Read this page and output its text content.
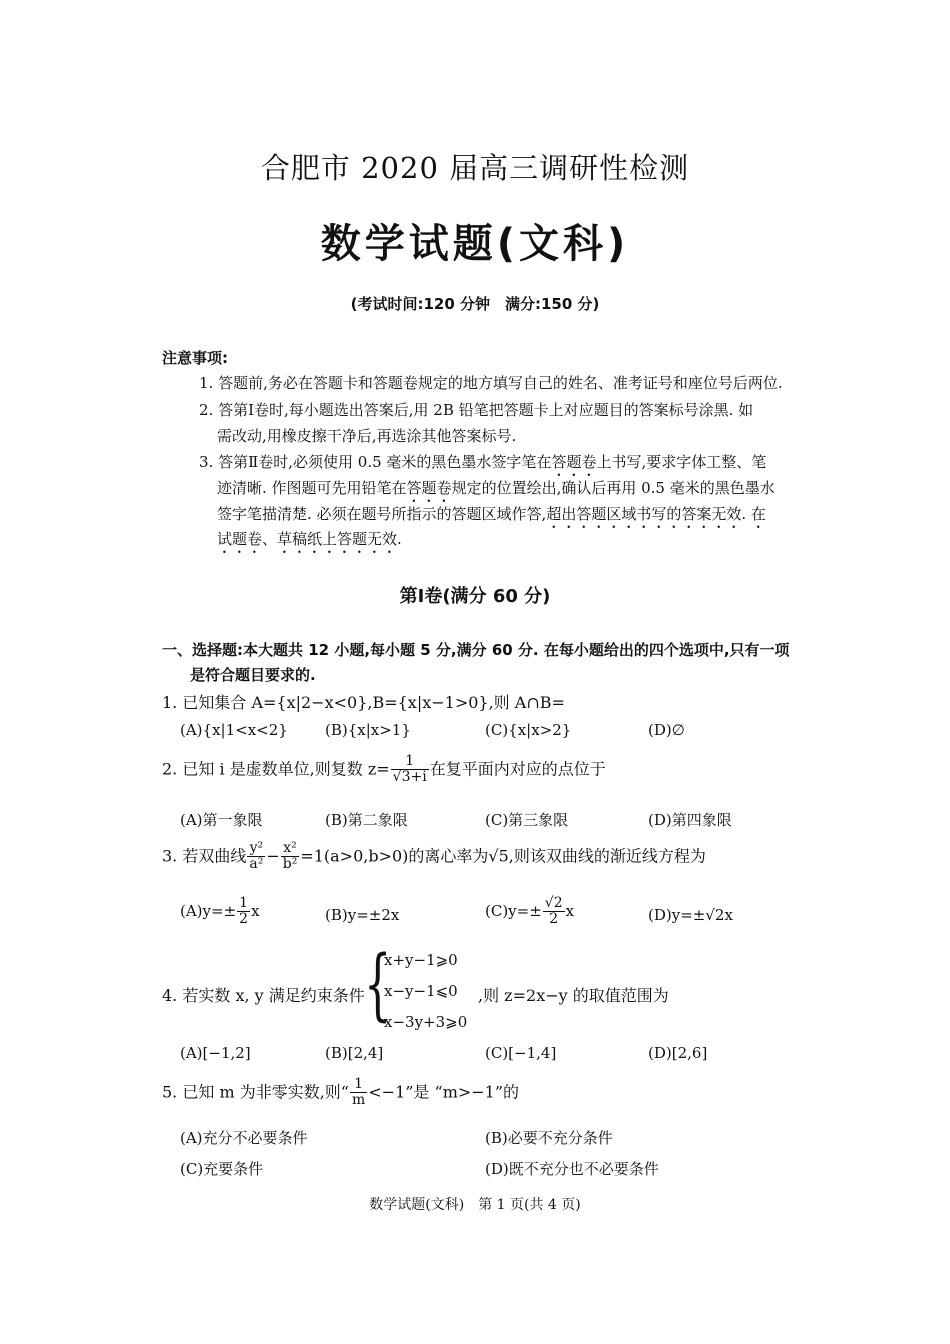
合肥市 2020 届高三调研性检测
数学试题(文科)
(考试时间:120 分钟　满分:150 分)
注意事项:
1. 答题前,务必在答题卡和答题卷规定的地方填写自己的姓名、准考证号和座位号后两位.
2. 答第Ⅰ卷时,每小题选出答案后,用 2B 铅笔把答题卡上对应题目的答案标号涂黑. 如
需改动,用橡皮擦干净后,再选涂其他答案标号.
3. 答第Ⅱ卷时,必须使用 0.5 毫米的黑色墨水签字笔在答题卷上书写,要求字体工整、笔
迹清晰. 作图题可先用铅笔在答题卷规定的位置绘出,确认后再用 0.5 毫米的黑色墨水
签字笔描清楚. 必须在题号所指示的答题区域作答,超出答题区域书写的答案无效. 在
试题卷、草稿纸上答题无效.
第Ⅰ卷(满分 60 分)
一、选择题:本大题共 12 小题,每小题 5 分,满分 60 分. 在每小题给出的四个选项中,只有一项
是符合题目要求的.
1. 已知集合 A={x|2−x<0},B={x|x−1>0},则 A∩B=
(A){x|1<x<2} (B){x|x>1}	(C){x|x>2}	(D)∅
2. 已知 i 是虚数单位,则复数 $z= \frac{1}{√3+i}$ 在复平面内对应的点位于
(A)第一象限	(B)第二象限	(C)第三象限	(D)第四象限
3. 若双曲线 $\frac{\text{y²}}{\text{a²}} - \frac{\text{x²}}{\text{b²}} =1(a>0,b>0)$的离心率为√5,则该双曲线的渐近线方程为
$(A)y=\pm \frac{1}{2}$ x	(B)y=±2x	$(C)y=\pm \frac{√2}{2}$ x	(D)y=±√2x
4. 若实数 x, y 满足约束条件 {
x+y−1⩾0
x−y−1⩽0
x−3y+3⩾0
,则 z=2x−y 的取值范围为
(A)[−1,2]	(B)[2,4]	(C)[−1,4]	(D)[2,6]
5. 已知 m 为非零实数,则“ $\frac{1}{m} <-1$”是 “m>−1”的
(A)充分不必要条件	(B)必要不充分条件
(C)充要条件	(D)既不充分也不必要条件
数学试题(文科)　第 1 页(共 4 页)
